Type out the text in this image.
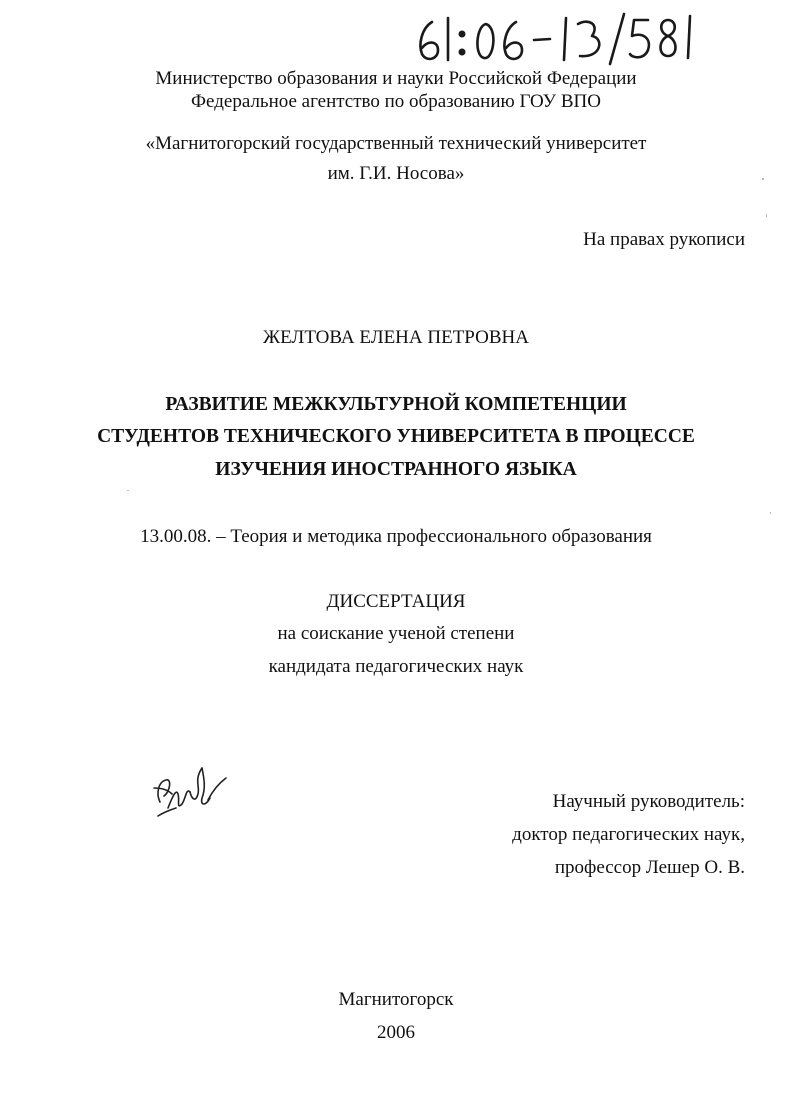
Министерство образования и науки Российской Федерации
Федеральное агентство по образованию ГОУ ВПО
«Магнитогорский государственный технический университет
им. Г.И. Носова»
На правах рукописи
ЖЕЛТОВА ЕЛЕНА ПЕТРОВНА
РАЗВИТИЕ МЕЖКУЛЬТУРНОЙ КОМПЕТЕНЦИИ
СТУДЕНТОВ ТЕХНИЧЕСКОГО УНИВЕРСИТЕТА В ПРОЦЕССЕ
ИЗУЧЕНИЯ ИНОСТРАННОГО ЯЗЫКА
13.00.08. – Теория и методика профессионального образования
ДИССЕРТАЦИЯ
на соискание ученой степени
кандидата педагогических наук
Научный руководитель:
доктор педагогических наук,
профессор Лешер О. В.
Магнитогорск
2006
